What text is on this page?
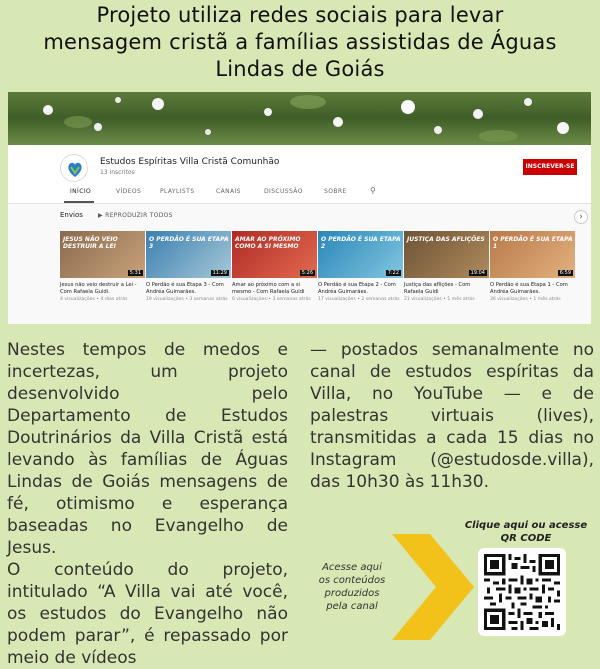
Projeto utiliza redes sociais para levar
mensagem cristã a famílias assistidas de Águas
Lindas de Goiás
Estudos Espíritas Villa Cristã Comunhão
13 inscritos
INSCREVER-SE
INÍCIO	VÍDEOS	PLAYLISTS	CANAIS	DISCUSSÃO	SOBRE	⚲
Envios	▶ REPRODUZIR TODOS
JESUS NÃO VEIO DESTRUIR A LEI
5:31
Jesus não veio destruir a Lei - Com Rafaela Guidi.
4 visualizações • 4 dias atrás
O PERDÃO É SUA ETAPA 3
11:29
O Perdão é sua Etapa 3 - Com Andréa Guimarães.
19 visualizações • 3 semanas atrás
AMAR AO PRÓXIMO COMO A SI MESMO
5:26
Amar ao próximo com a si mesmo - Com Rafaela Guidi
6 visualizações • 3 semanas atrás
O PERDÃO É SUA ETAPA 2
7:22
O Perdão é sua Etapa 2 - Com Andréa Guimarães.
17 visualizações • 2 semanas atrás
JUSTIÇA DAS AFLIÇÕES
19:04
Justiça das aflições - Com Rafaela Guidi
21 visualizações • 1 mês atrás
O PERDÃO É SUA ETAPA 1
6:59
O Perdão é sua Etapa 1 - Com Andréa Guimarães.
36 visualizações • 1 mês atrás
›

Nestes tempos de medos e incertezas, um projeto desenvolvido pelo Departamento de Estudos Doutrinários da Villa Cristã está levando às famílias de Águas Lindas de Goiás mensagens de fé, otimismo e esperança baseadas no Evangelho de Jesus.

O conteúdo do projeto, intitulado “A Villa vai até você, os estudos do Evangelho não podem parar”, é repassado por meio de vídeos

— postados semanalmente no canal de estudos espíritas da Villa, no YouTube — e de palestras virtuais (lives), transmitidas a cada 15 dias no Instagram (@estudosde.villa), das 10h30 às 11h30.

Clique aqui ou acesse QR CODE
Acesse aqui os conteúdos produzidos pela canal
